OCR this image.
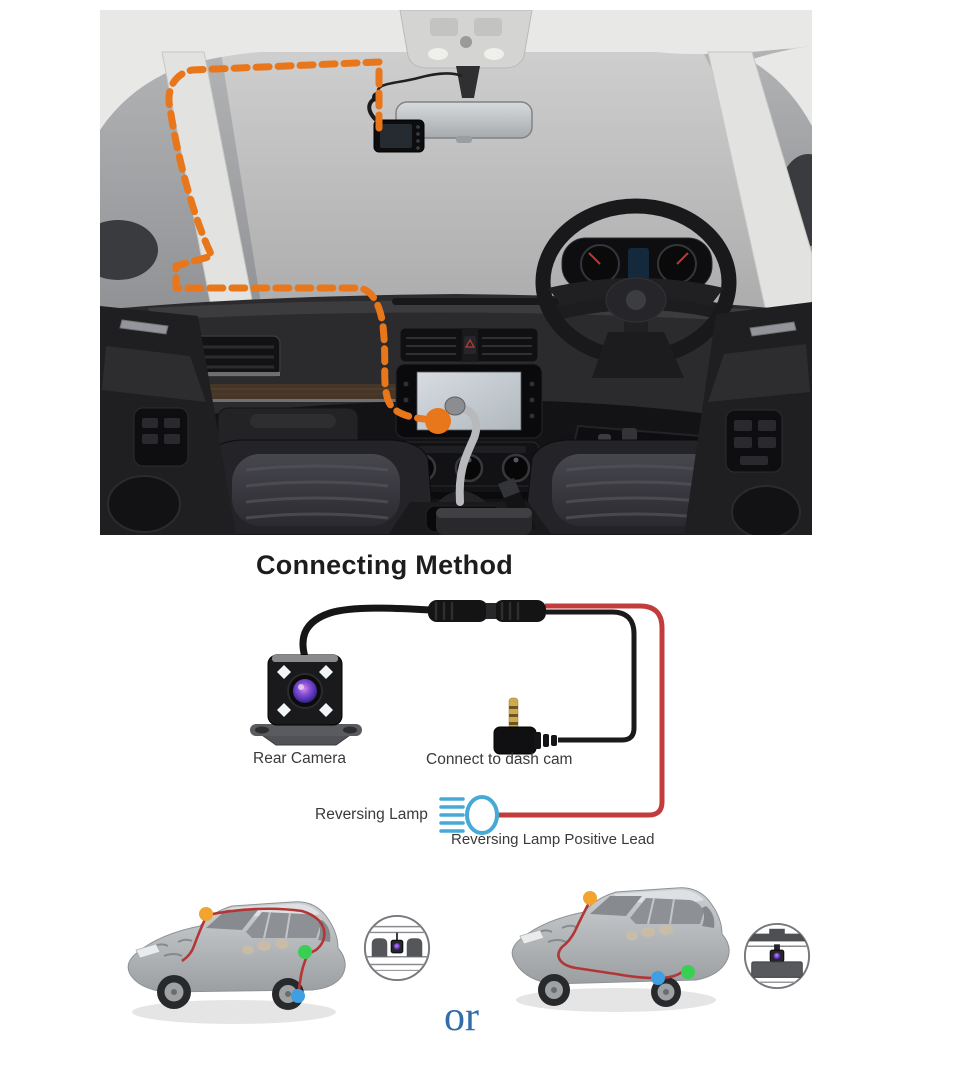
Connecting Method
Rear Camera	Connect to dash cam
Reversing Lamp
Reversing Lamp Positive Lead
or
